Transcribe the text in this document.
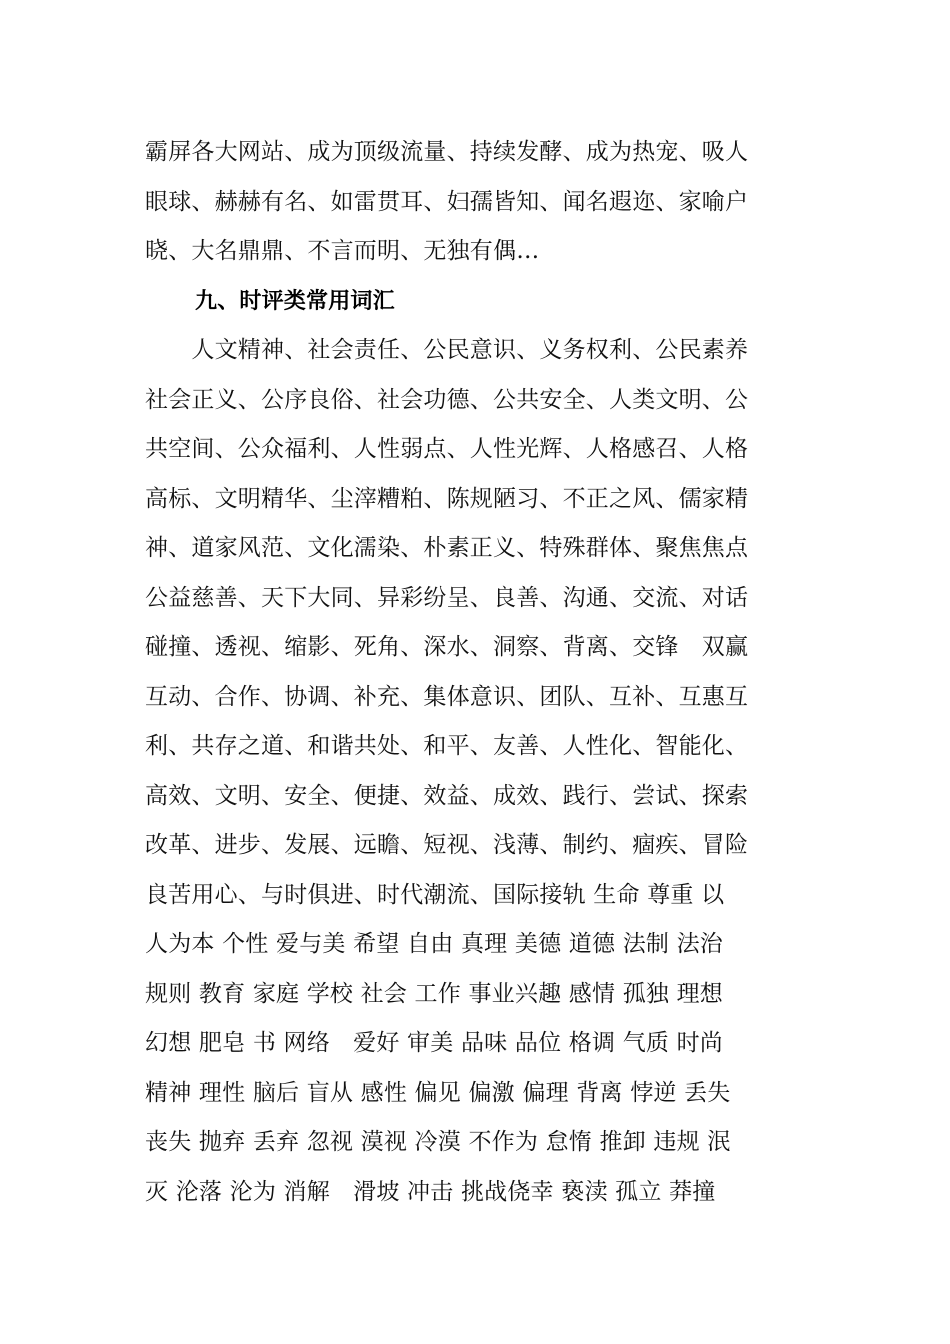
霸屏各大网站、成为顶级流量、持续发酵、成为热宠、吸人
眼球、赫赫有名、如雷贯耳、妇孺皆知、闻名遐迩、家喻户
晓、大名鼎鼎、不言而明、无独有偶…
九、时评类常用词汇
　　人文精神、社会责任、公民意识、义务权利、公民素养
社会正义、公序良俗、社会功德、公共安全、人类文明、公
共空间、公众福利、人性弱点、人性光辉、人格感召、人格
高标、文明精华、尘滓糟粕、陈规陋习、不正之风、儒家精
神、道家风范、文化濡染、朴素正义、特殊群体、聚焦焦点
公益慈善、天下大同、异彩纷呈、良善、沟通、交流、对话
碰撞、透视、缩影、死角、深水、洞察、背离、交锋　双赢
互动、合作、协调、补充、集体意识、团队、互补、互惠互
利、共存之道、和谐共处、和平、友善、人性化、智能化、
高效、文明、安全、便捷、效益、成效、践行、尝试、探索
改革、进步、发展、远瞻、短视、浅薄、制约、痼疾、冒险
良苦用心、与时俱进、时代潮流、国际接轨 生命 尊重 以
人为本 个性 爱与美 希望 自由 真理 美德 道德 法制 法治
规则 教育 家庭 学校 社会 工作 事业兴趣 感情 孤独 理想
幻想 肥皂 书 网络　爱好 审美 品味 品位 格调 气质 时尚
精神 理性 脑后 盲从 感性 偏见 偏激 偏理 背离 悖逆 丢失
丧失 抛弃 丢弃 忽视 漠视 冷漠 不作为 怠惰 推卸 违规 泯
灭 沦落 沦为 消解　滑坡 冲击 挑战侥幸 亵渎 孤立 莽撞
